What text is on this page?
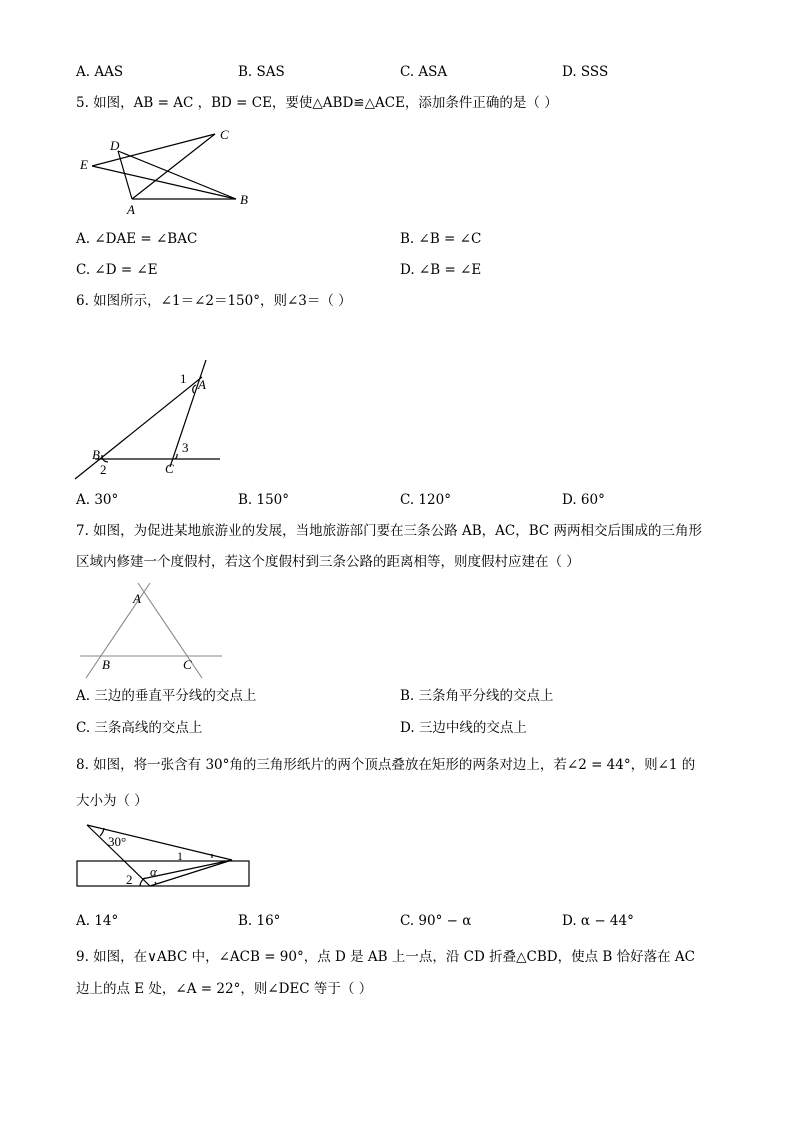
A. AAS	B. SAS	C. ASA	D. SSS
5. 如图，AB = AC ，BD = CE，要使△ABD≌△ACE，添加条件正确的是（ ）
C
D
E
A
B
A. ∠DAE = ∠BAC	B. ∠B = ∠C
C. ∠D = ∠E	D. ∠B = ∠E
6. 如图所示，∠1＝∠2＝150°，则∠3＝（ ）
1 A
3
B
2	C
A. 30°	B. 150°	C. 120°	D. 60°
7. 如图，为促进某地旅游业的发展，当地旅游部门要在三条公路 AB，AC，BC 两两相交后围成的三角形
区域内修建一个度假村，若这个度假村到三条公路的距离相等，则度假村应建在（ ）
A
B	C
A. 三边的垂直平分线的交点上	B. 三条角平分线的交点上
C. 三条高线的交点上	D. 三边中线的交点上
8. 如图，将一张含有 30°角的三角形纸片的两个顶点叠放在矩形的两条对边上，若∠2 = 44°，则∠1 的
大小为（ ）
30°
1
2
α
A. 14°	B. 16°	C. 90° − α	D. α − 44°
9. 如图，在∨ABC 中，∠ACB = 90°，点 D 是 AB 上一点，沿 CD 折叠△CBD，使点 B 恰好落在 AC
边上的点 E 处，∠A = 22°，则∠DEC 等于（ ）
